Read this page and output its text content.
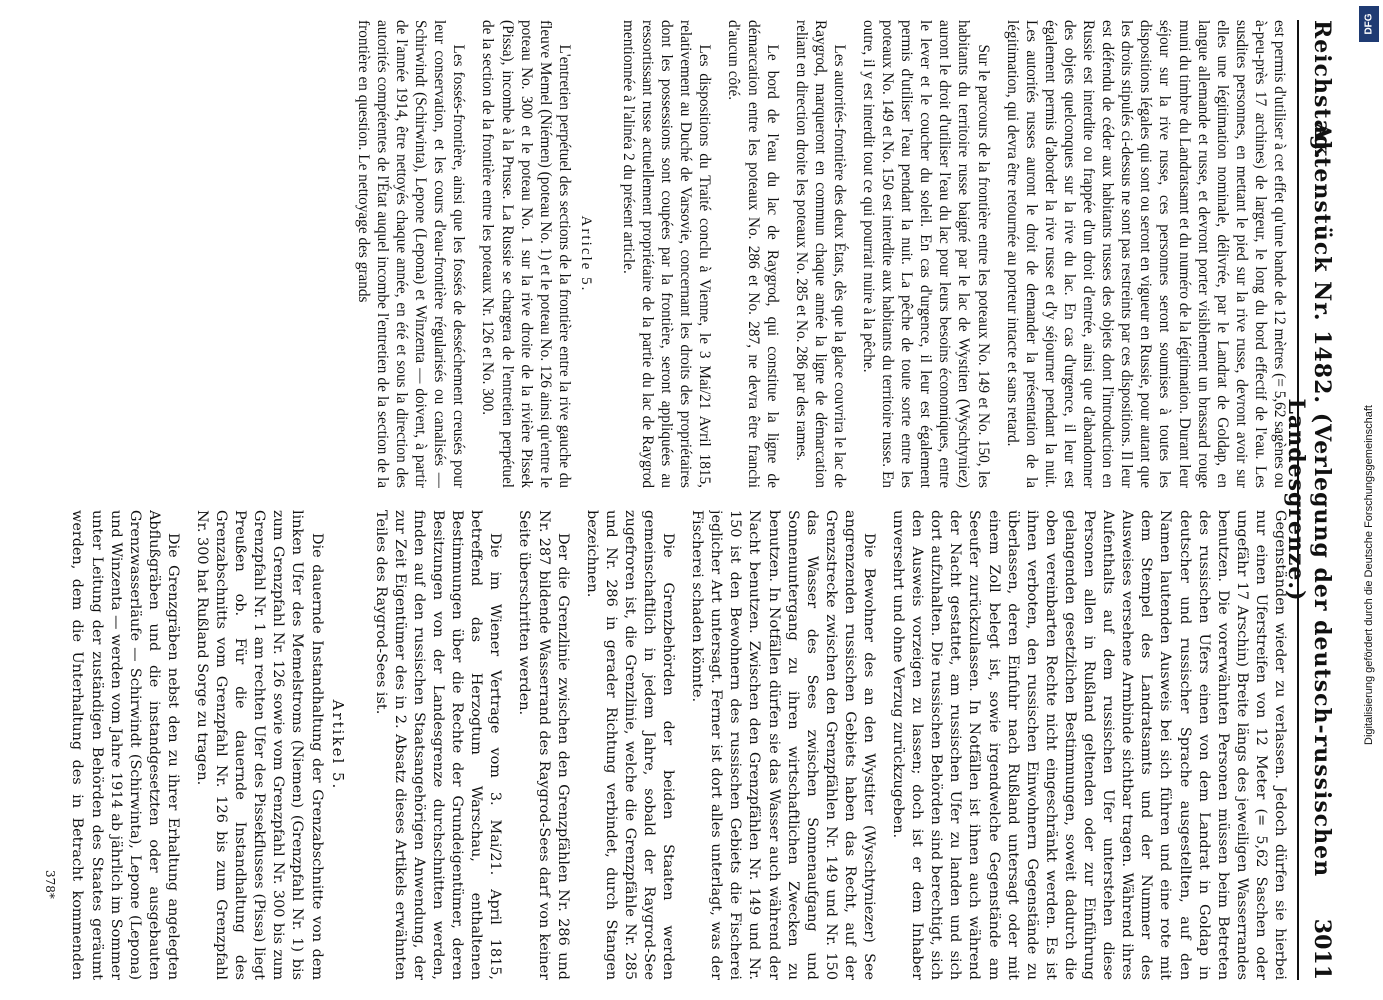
Reichstag.
Aktenstück Nr. 1482. (Verlegung der deutsch-russischen Landesgrenze.)
3011

est permis d'utiliser à cet effet qu'une bande de 12 mètres (= 5,62 sagènes ou à-peu-près 17 archines) de largeur, le long du bord effectif de l'eau. Les susdites personnes, en mettant le pied sur la rive russe, devront avoir sur elles une légitimation nominale, délivrée, par le Landrat de Goldap, en langue allemande et russe, et devront porter visiblement un brassard rouge muni du timbre du Landratsamt et du numéro de la légitimation. Durant leur séjour sur la rive russe, ces personnes seront soumises à toutes les dispositions légales qui sont ou seront en vigueur en Russie, pour autant que les droits stipulés ci-dessus ne sont pas restreints par ces dispositions. Il leur est défendu de céder aux habitants russes des objets dont l'introduction en Russie est interdite ou frappée d'un droit d'entrée, ainsi que d'abandonner des objets quelconques sur la rive du lac. En cas d'urgence, il leur est également permis d'aborder la rive russe et d'y séjourner pendant la nuit. Les autorités russes auront le droit de demander la présentation de la légitimation, qui devra être retournée au porteur intacte et sans retard.

Sur le parcours de la frontière entre les poteaux No. 149 et No. 150, les habitants du territoire russe baigné par le lac de Wystiten (Wyschtyniez) auront le droit d'utiliser l'eau du lac pour leurs besoins économiques, entre le lever et le coucher du soleil. En cas d'urgence, il leur est également permis d'utiliser l'eau pendant la nuit. La pêche de toute sorte entre les poteaux No. 149 et No. 150 est interdite aux habitants du territoire russe. En outre, il y est interdit tout ce qui pourrait nuire à la pêche.

Les autorités-frontière des deux États, dès que la glace couvrira le lac de Raygrod, marqueront en commun chaque année la ligne de démarcation reliant en direction droite les poteaux No. 285 et No. 286 par des rames.

Le bord de l'eau du lac de Raygrod, qui constitue la ligne de démarcation entre les poteaux No. 286 et No. 287, ne devra être franchi d'aucun côté.

Les dispositions du Traité conclu à Vienne, le 3 Mai/21 Avril 1815, relativement au Duché de Varsovie, concernant les droits des propriétaires dont les possessions sont coupées par la frontière, seront appliquées au ressortissant russe actuellement propriétaire de la partie du lac de Raygrod mentionnée à l'alinéa 2 du présent article.

Article 5.

L'entretien perpétuel des sections de la frontière entre la rive gauche du fleuve Memel (Niémen) (poteau No. 1) et le poteau No. 126 ainsi qu'entre le poteau No. 300 et le poteau No. 1 sur la rive droite de la rivière Pissek (Pissa), incombe à la Prusse. La Russie se chargera de l'entretien perpétuel de la section de la frontière entre les poteaux Nr. 126 et No. 300.

Les fossés-frontière, ainsi que les fossés de desséchement creusés pour leur conservation, et les cours d'eau-frontière régularisés ou canalisés — Schirwindt (Schirwinta), Lepone (Lepona) et Winzenta — doivent, à partir de l'année 1914, être nettoyés chaque année, en été et sous la direction des autorités compétentes de l'État auquel incombe l'entretien de la section de la frontière en question. Le nettoyage des grands

Gegenständen wieder zu verlassen. Jedoch dürfen sie hierbei nur einen Uferstreifen von 12 Meter (= 5,62 Saschen oder ungefähr 17 Arschin) Breite längs des jeweiligen Wasserrandes benutzen. Die vorerwähnten Personen müssen beim Betreten des russischen Ufers einen von dem Landrat in Goldap in deutscher und russischer Sprache ausgestellten, auf den Namen lautenden Ausweis bei sich führen und eine rote mit dem Stempel des Landratsamts und der Nummer des Ausweises versehene Armbinde sichtbar tragen. Während ihres Aufenthalts auf dem russischen Ufer unterstehen diese Personen allen in Rußland geltenden oder zur Einführung gelangenden gesetzlichen Bestimmungen, soweit dadurch die oben vereinbarten Rechte nicht eingeschränkt werden. Es ist ihnen verboten, den russischen Einwohnern Gegenstände zu überlassen, deren Einfuhr nach Rußland untersagt oder mit einem Zoll belegt ist, sowie irgendwelche Gegenstände am Seeufer zurückzulassen. In Notfällen ist ihnen auch während der Nacht gestattet, am russischen Ufer zu landen und sich dort aufzuhalten. Die russischen Behörden sind berechtigt, sich den Ausweis vorzeigen zu lassen; doch ist er dem Inhaber unversehrt und ohne Verzug zurückzugeben.

Die Bewohner des an den Wystiter (Wyschtyniezer) See angrenzenden russischen Gebiets haben das Recht, auf der Grenzstrecke zwischen den Grenzpfählen Nr. 149 und Nr. 150 das Wasser des Sees zwischen Sonnenaufgang und Sonnenuntergang zu ihren wirtschaftlichen Zwecken zu benutzen. In Notfällen dürfen sie das Wasser auch während der Nacht benutzen. Zwischen den Grenzpfählen Nr. 149 und Nr. 150 ist den Bewohnern des russischen Gebiets die Fischerei jeglicher Art untersagt. Ferner ist dort alles unterlagt, was der Fischerei schaden könnte.

Die Grenzbehörden der beiden Staaten werden gemeinschaftlich in jedem Jahre, sobald der Raygrod-See zugefroren ist, die Grenzlinie, welche die Grenzpfähle Nr. 285 und Nr. 286 in gerader Richtung verbindet, durch Stangen bezeichnen.

Der die Grenzlinie zwischen den Grenzpfählen Nr. 286 und Nr. 287 bildende Wasserrand des Raygrod-Sees darf von keiner Seite überschritten werden.

Die im Wiener Vertrage vom 3. Mai/21. April 1815, betreffend das Herzogtum Warschau, enthaltenen Bestimmungen über die Rechte der Grundeigentümer, deren Besitzungen von der Landesgrenze durchschnitten werden, finden auf den russischen Staatsangehörigen Anwendung, der zur Zeit Eigentümer des in 2. Absatz dieses Artikels erwähnten Teiles des Raygrod-Sees ist.

Artikel 5.

Die dauernde Instandhaltung der Grenzabschnitte von dem linken Ufer des Memelstroms (Niemen) (Grenzpfahl Nr. 1) bis zum Grenzpfahl Nr. 126 sowie vom Grenzpfahl Nr. 300 bis zum Grenzpfahl Nr. 1 am rechten Ufer des Pissekflusses (Pissa) liegt Preußen ob. Für die dauernde Instandhaltung des Grenzabschnitts vom Grenzpfahl Nr. 126 bis zum Grenzpfahl Nr. 300 hat Rußland Sorge zu tragen.

Die Grenzgräben nebst den zu ihrer Erhaltung angelegten Abflußgräben und die instandgesetzten oder ausgebauten Grenzwasserläufe — Schirwindt (Schirwinta), Lepone (Lepona) und Winzenta — werden vom Jahre 1914 ab jährlich im Sommer unter Leitung der zuständigen Behörden des Staates geräumt werden, dem die Unterhaltung des in Betracht kommenden

378*
DFG
Digitalisierung gefördert durch die Deutsche Forschungsgemeinschaft
